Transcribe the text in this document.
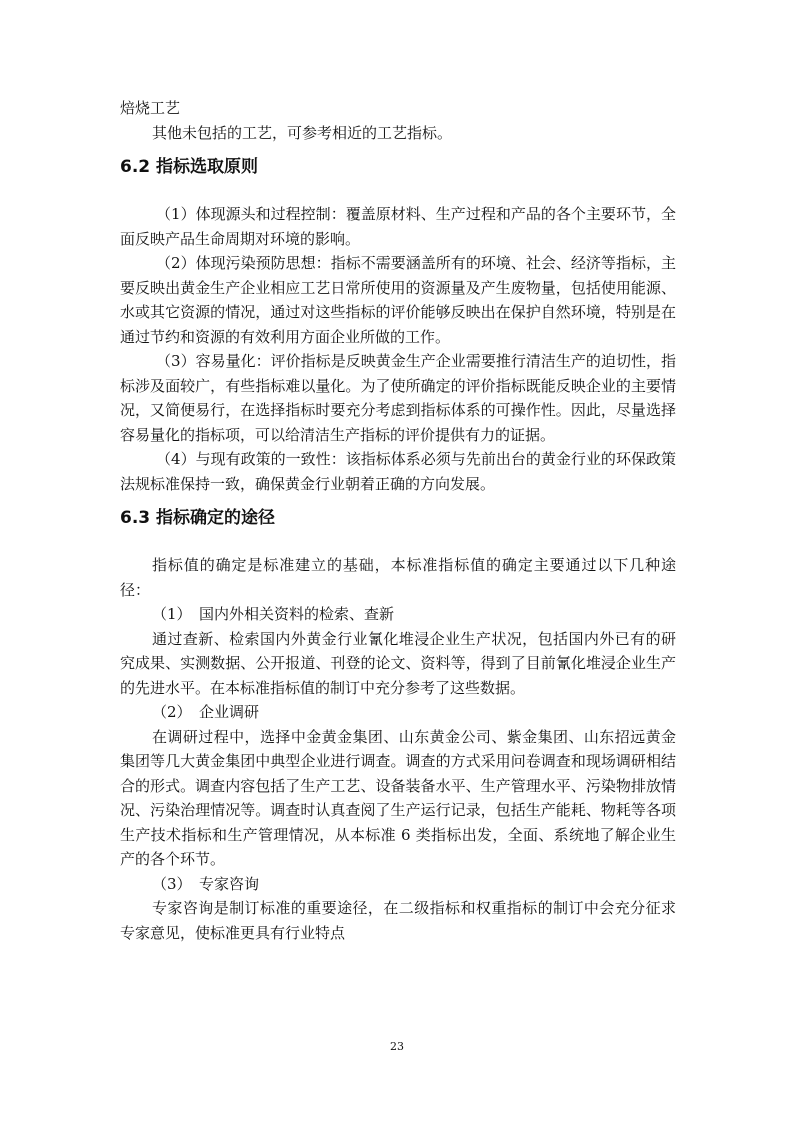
焙烧工艺

其他未包括的工艺，可参考相近的工艺指标。

6.2 指标选取原则

（1）体现源头和过程控制：覆盖原材料、生产过程和产品的各个主要环节，全面反映产品生命周期对环境的影响。

（2）体现污染预防思想：指标不需要涵盖所有的环境、社会、经济等指标，主要反映出黄金生产企业相应工艺日常所使用的资源量及产生废物量，包括使用能源、水或其它资源的情况，通过对这些指标的评价能够反映出在保护自然环境，特别是在通过节约和资源的有效利用方面企业所做的工作。

（3）容易量化：评价指标是反映黄金生产企业需要推行清洁生产的迫切性，指标涉及面较广，有些指标难以量化。为了使所确定的评价指标既能反映企业的主要情况，又简便易行，在选择指标时要充分考虑到指标体系的可操作性。因此，尽量选择容易量化的指标项，可以给清洁生产指标的评价提供有力的证据。

（4）与现有政策的一致性：该指标体系必须与先前出台的黄金行业的环保政策法规标准保持一致，确保黄金行业朝着正确的方向发展。

6.3 指标确定的途径

指标值的确定是标准建立的基础，本标准指标值的确定主要通过以下几种途径：

（1）　国内外相关资料的检索、查新

通过查新、检索国内外黄金行业氰化堆浸企业生产状况，包括国内外已有的研究成果、实测数据、公开报道、刊登的论文、资料等，得到了目前氰化堆浸企业生产的先进水平。在本标准指标值的制订中充分参考了这些数据。

（2）　企业调研

在调研过程中，选择中金黄金集团、山东黄金公司、紫金集团、山东招远黄金集团等几大黄金集团中典型企业进行调查。调查的方式采用问卷调查和现场调研相结合的形式。调查内容包括了生产工艺、设备装备水平、生产管理水平、污染物排放情况、污染治理情况等。调查时认真查阅了生产运行记录，包括生产能耗、物耗等各项生产技术指标和生产管理情况，从本标准 6 类指标出发，全面、系统地了解企业生产的各个环节。

（3）　专家咨询

专家咨询是制订标准的重要途径，在二级指标和权重指标的制订中会充分征求专家意见，使标准更具有行业特点

23
